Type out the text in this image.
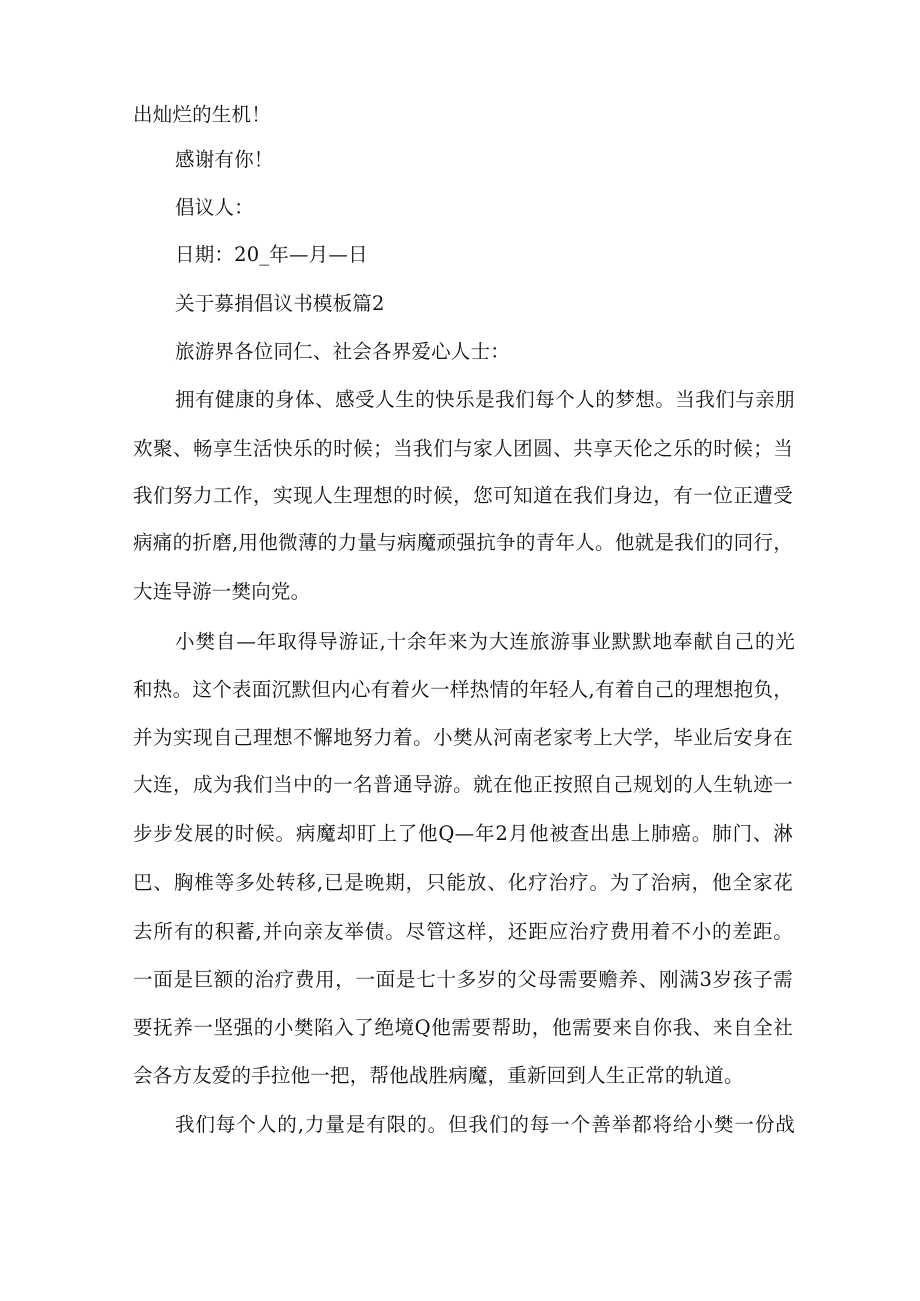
出灿烂的生机！
感谢有你！
倡议人：
日期：20_年—月—日
关于募捐倡议书模板篇2
旅游界各位同仁、社会各界爱心人士：
拥有健康的身体、感受人生的快乐是我们每个人的梦想。当我们与亲朋
欢聚、畅享生活快乐的时候；当我们与家人团圆、共享天伦之乐的时候；当
我们努力工作，实现人生理想的时候，您可知道在我们身边，有一位正遭受
病痛的折磨,用他微薄的力量与病魔顽强抗争的青年人。他就是我们的同行，
大连导游一樊向党。
小樊自—年取得导游证,十余年来为大连旅游事业默默地奉献自己的光
和热。这个表面沉默但内心有着火一样热情的年轻人,有着自己的理想抱负，
并为实现自己理想不懈地努力着。小樊从河南老家考上大学，毕业后安身在
大连，成为我们当中的一名普通导游。就在他正按照自己规划的人生轨迹一
步步发展的时候。病魔却盯上了他Q—年2月他被查出患上肺癌。肺门、淋
巴、胸椎等多处转移,已是晚期，只能放、化疗治疗。为了治病，他全家花
去所有的积蓄,并向亲友举债。尽管这样，还距应治疗费用着不小的差距。
一面是巨额的治疗费用，一面是七十多岁的父母需要赡养、刚满3岁孩子需
要抚养一坚强的小樊陷入了绝境Q他需要帮助，他需要来自你我、来自全社
会各方友爱的手拉他一把，帮他战胜病魔，重新回到人生正常的轨道。
我们每个人的,力量是有限的。但我们的每一个善举都将给小樊一份战
